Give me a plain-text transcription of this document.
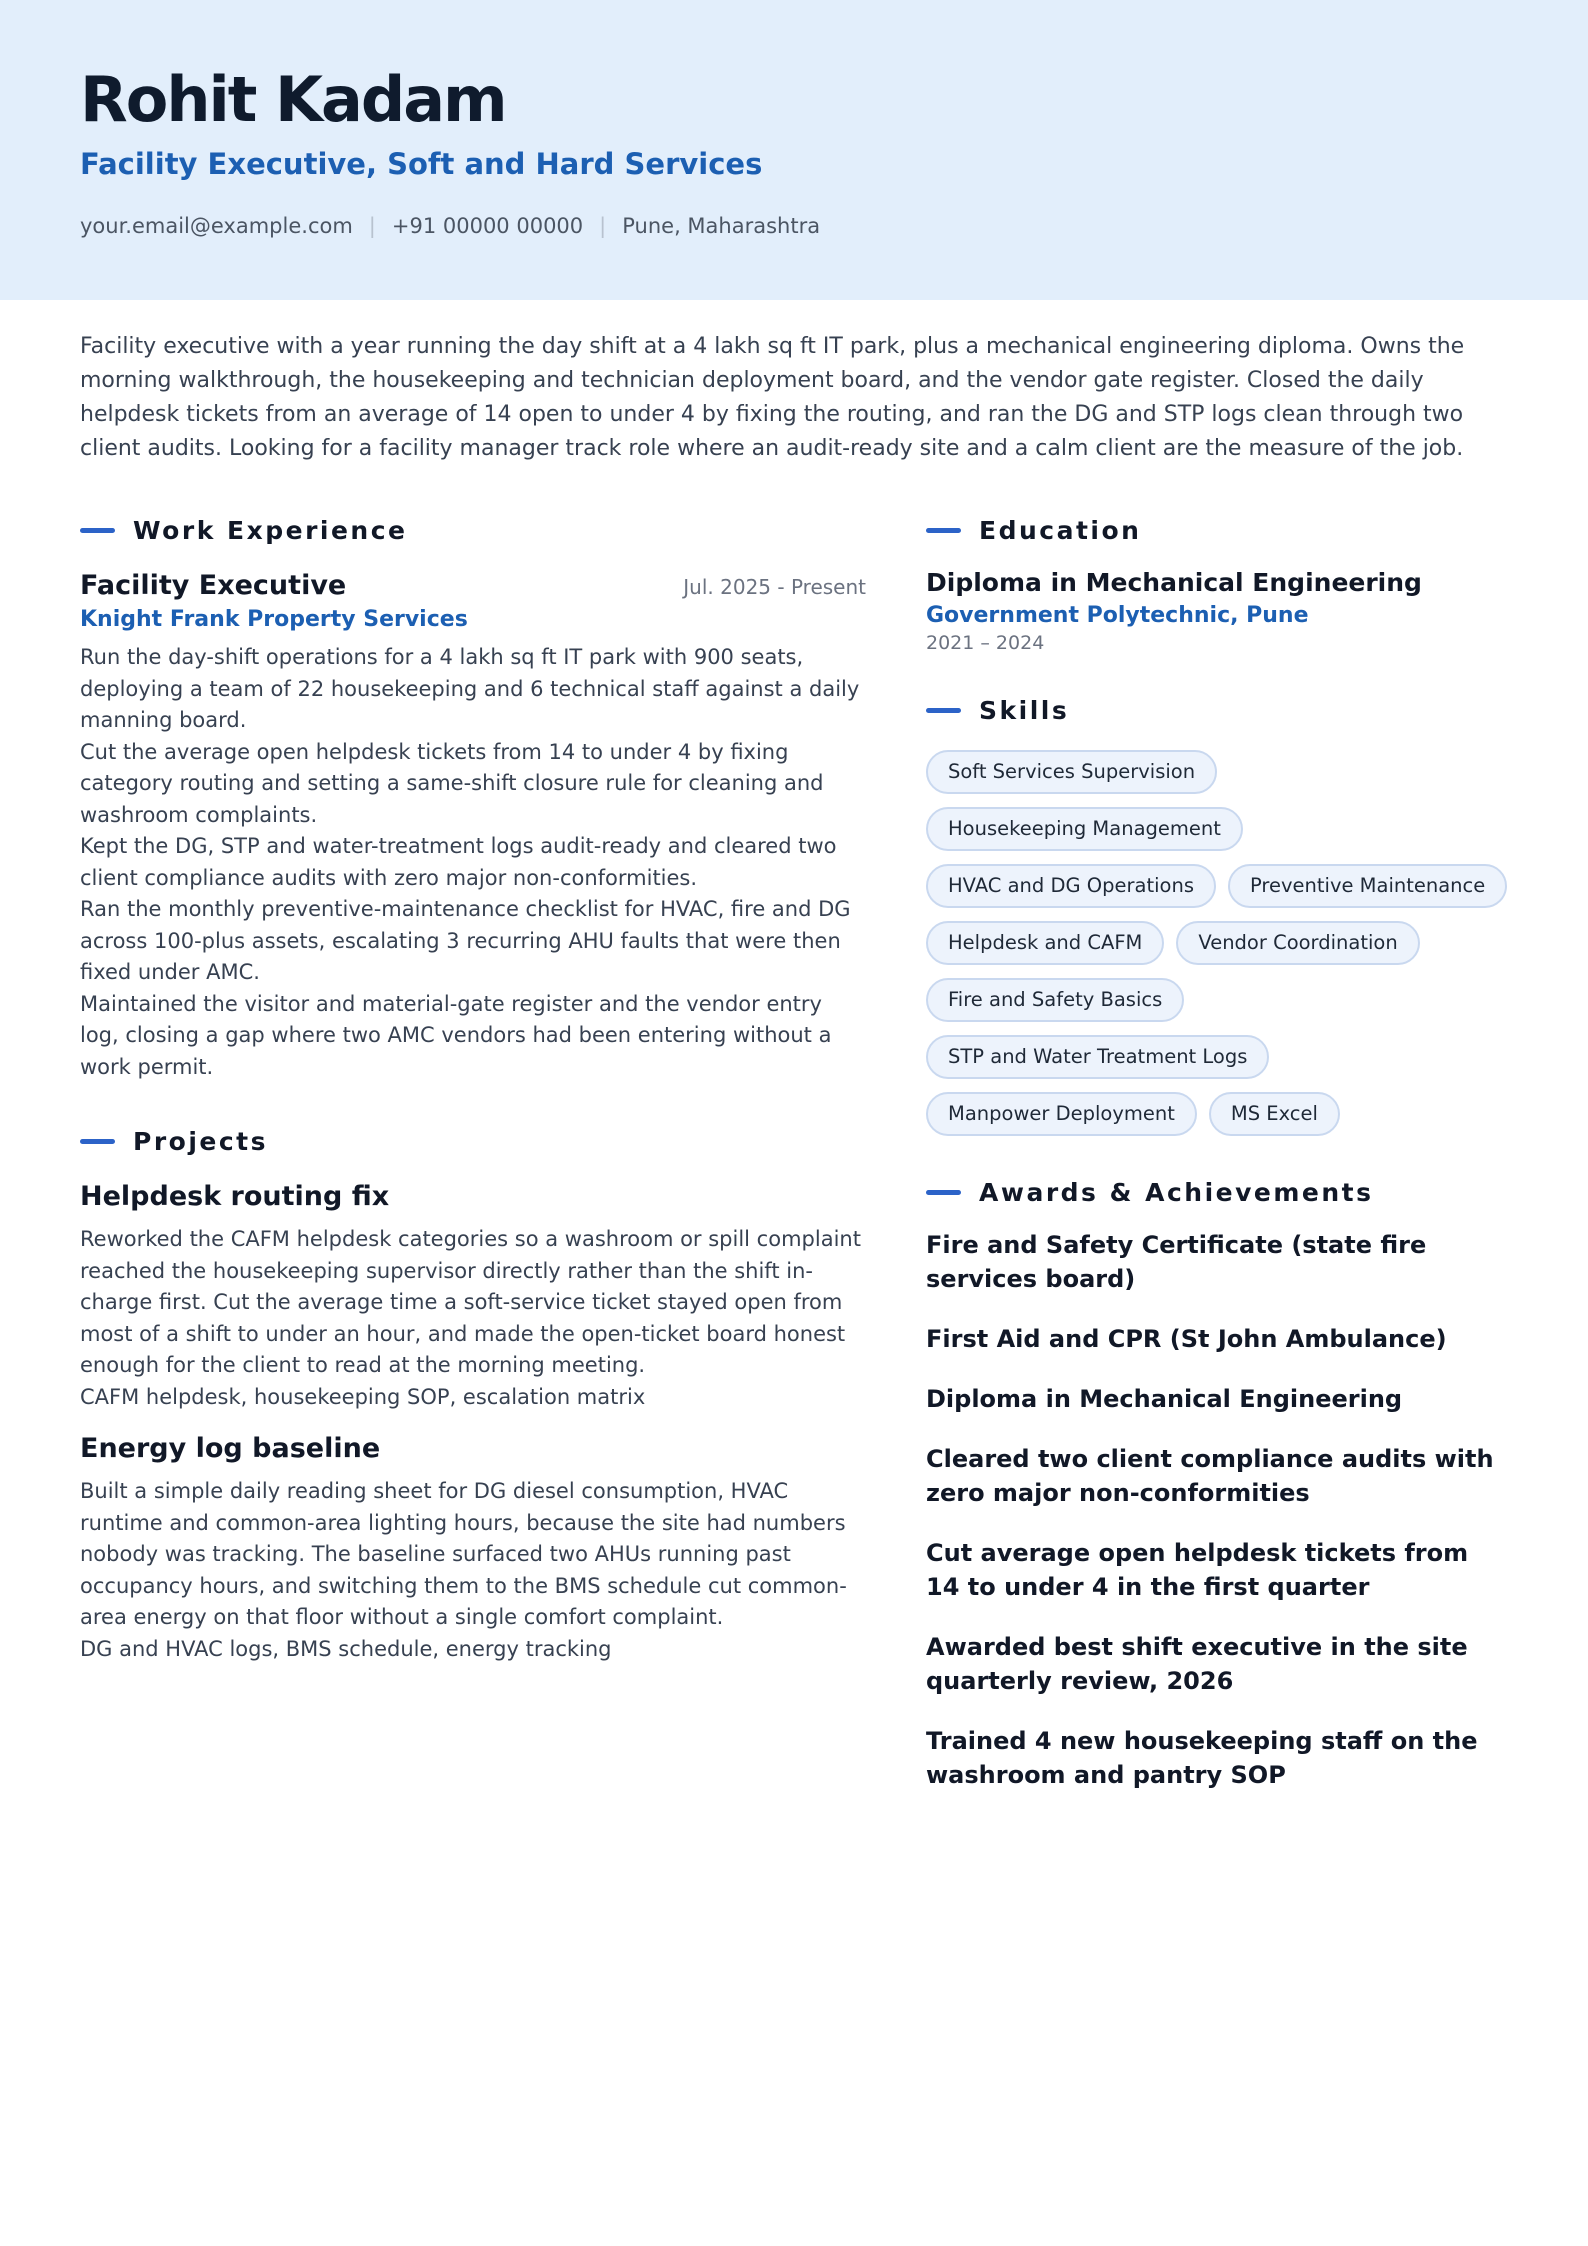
Rohit Kadam
Facility Executive, Soft and Hard Services
your.email@example.com | +91 00000 00000 | Pune, Maharashtra
Facility executive with a year running the day shift at a 4 lakh sq ft IT park, plus a mechanical engineering diploma. Owns the morning walkthrough, the housekeeping and technician deployment board, and the vendor gate register. Closed the daily helpdesk tickets from an average of 14 open to under 4 by fixing the routing, and ran the DG and STP logs clean through two client audits. Looking for a facility manager track role where an audit-ready site and a calm client are the measure of the job.
Work Experience
Facility Executive	Jul. 2025 - Present
Knight Frank Property Services
Run the day-shift operations for a 4 lakh sq ft IT park with 900 seats, deploying a team of 22 housekeeping and 6 technical staff against a daily manning board.
Cut the average open helpdesk tickets from 14 to under 4 by fixing category routing and setting a same-shift closure rule for cleaning and washroom complaints.
Kept the DG, STP and water-treatment logs audit-ready and cleared two client compliance audits with zero major non-conformities.
Ran the monthly preventive-maintenance checklist for HVAC, fire and DG across 100-plus assets, escalating 3 recurring AHU faults that were then fixed under AMC.
Maintained the visitor and material-gate register and the vendor entry log, closing a gap where two AMC vendors had been entering without a work permit.
Projects
Helpdesk routing fix
Reworked the CAFM helpdesk categories so a washroom or spill complaint reached the housekeeping supervisor directly rather than the shift in-charge first. Cut the average time a soft-service ticket stayed open from most of a shift to under an hour, and made the open-ticket board honest enough for the client to read at the morning meeting.
CAFM helpdesk, housekeeping SOP, escalation matrix
Energy log baseline
Built a simple daily reading sheet for DG diesel consumption, HVAC runtime and common-area lighting hours, because the site had numbers nobody was tracking. The baseline surfaced two AHUs running past occupancy hours, and switching them to the BMS schedule cut common-area energy on that floor without a single comfort complaint.
DG and HVAC logs, BMS schedule, energy tracking
Education
Diploma in Mechanical Engineering
Government Polytechnic, Pune
2021 – 2024
Skills
Soft Services Supervision
Housekeeping Management
HVAC and DG Operations	Preventive Maintenance
Helpdesk and CAFM	Vendor Coordination
Fire and Safety Basics
STP and Water Treatment Logs
Manpower Deployment	MS Excel
Awards & Achievements
Fire and Safety Certificate (state fire services board)
First Aid and CPR (St John Ambulance)
Diploma in Mechanical Engineering
Cleared two client compliance audits with zero major non-conformities
Cut average open helpdesk tickets from 14 to under 4 in the first quarter
Awarded best shift executive in the site quarterly review, 2026
Trained 4 new housekeeping staff on the washroom and pantry SOP
